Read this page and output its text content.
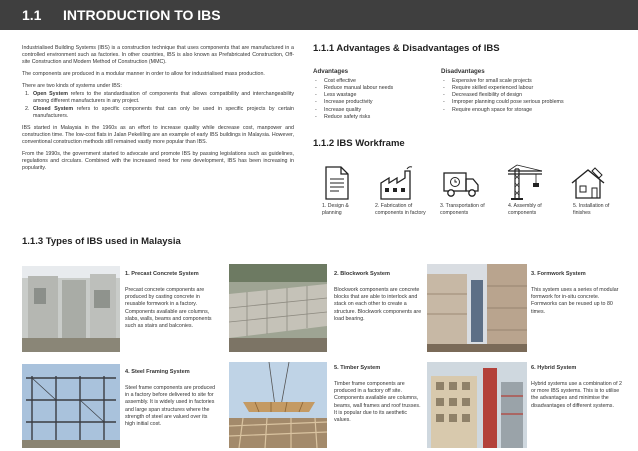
1.1 INTRODUCTION TO IBS

Industrialised Building Systems (IBS) is a construction technique that uses components that are manufactured in a controlled environment such as factories. In other countries, IBS is also known as Prefabricated Construction, Off-site Construction and Modern Method of Construction (MMC).

The components are produced in a modular manner in order to allow for industrialised mass production.

There are two kinds of systems under IBS:

1. Open System refers to the standardisation of components that allows compatibility and interchangeability among different manufacturers in any project.
2. Closed System refers to specific components that can only be used in specific projects by certain manufacturers.

IBS started in Malaysia in the 1960s as an effort to increase quality while decrease cost, manpower and construction time. The low-cost flats in Jalan Pekeliling are an example of early IBS buildings in Malaysia. However, conventional construction methods still remained vastly more popular than IBS.

From the 1990s, the government started to advocate and promote IBS by passing legislations such as guidelines, regulations and circulars. Combined with the increased need for new development, IBS has been increasing in popularity.

1.1.1 Advantages & Disadvantages of IBS
Advantages
-	Cost effective
-	Reduce manual labour needs
-	Less wastage
-	Increase productivity
-	Increase quality
-	Reduce safety risks
Disadvantages
-	Expensive for small scale projects
-	Require skilled experienced labour
-	Decreased flexibility of design
-	Improper planning could pose serious problems
-	Require enough space for storage
1.1.2 IBS Workframe
1. Design & planning
2. Fabrication of components in factory
3. Transportation of components
4. Assembly of components
5. Installation of finishes
1.1.3 Types of IBS used in Malaysia
1. Precast Concrete System
Precast concrete components are produced by casting concrete in reusable formwork in a factory. Components available are columns, slabs, walls, beams and components such as stairs and balconies.
2. Blockwork System
Blockwork components are concrete blocks that are able to interlock and stack on each other to create a structure. Blockwork components are load bearing.
3. Formwork System
This system uses a series of modular formwork for in-situ concrete. Formworks can be reused up to 80 times.
4. Steel Framing System
Steel frame components are produced in a factory before delivered to site for assembly. It is widely used in factories and large span structures where the strength of steel are valued over its high initial cost.
5. Timber System
Timber frame components are produced in a factory off site. Components available are columns, beams, wall frames and roof trusses. It is popular due to its aesthetic values.
6. Hybrid System
Hybrid systems use a combination of 2 or more IBS systems. This is to utilise the advantages and minimise the disadvantages of different systems.
